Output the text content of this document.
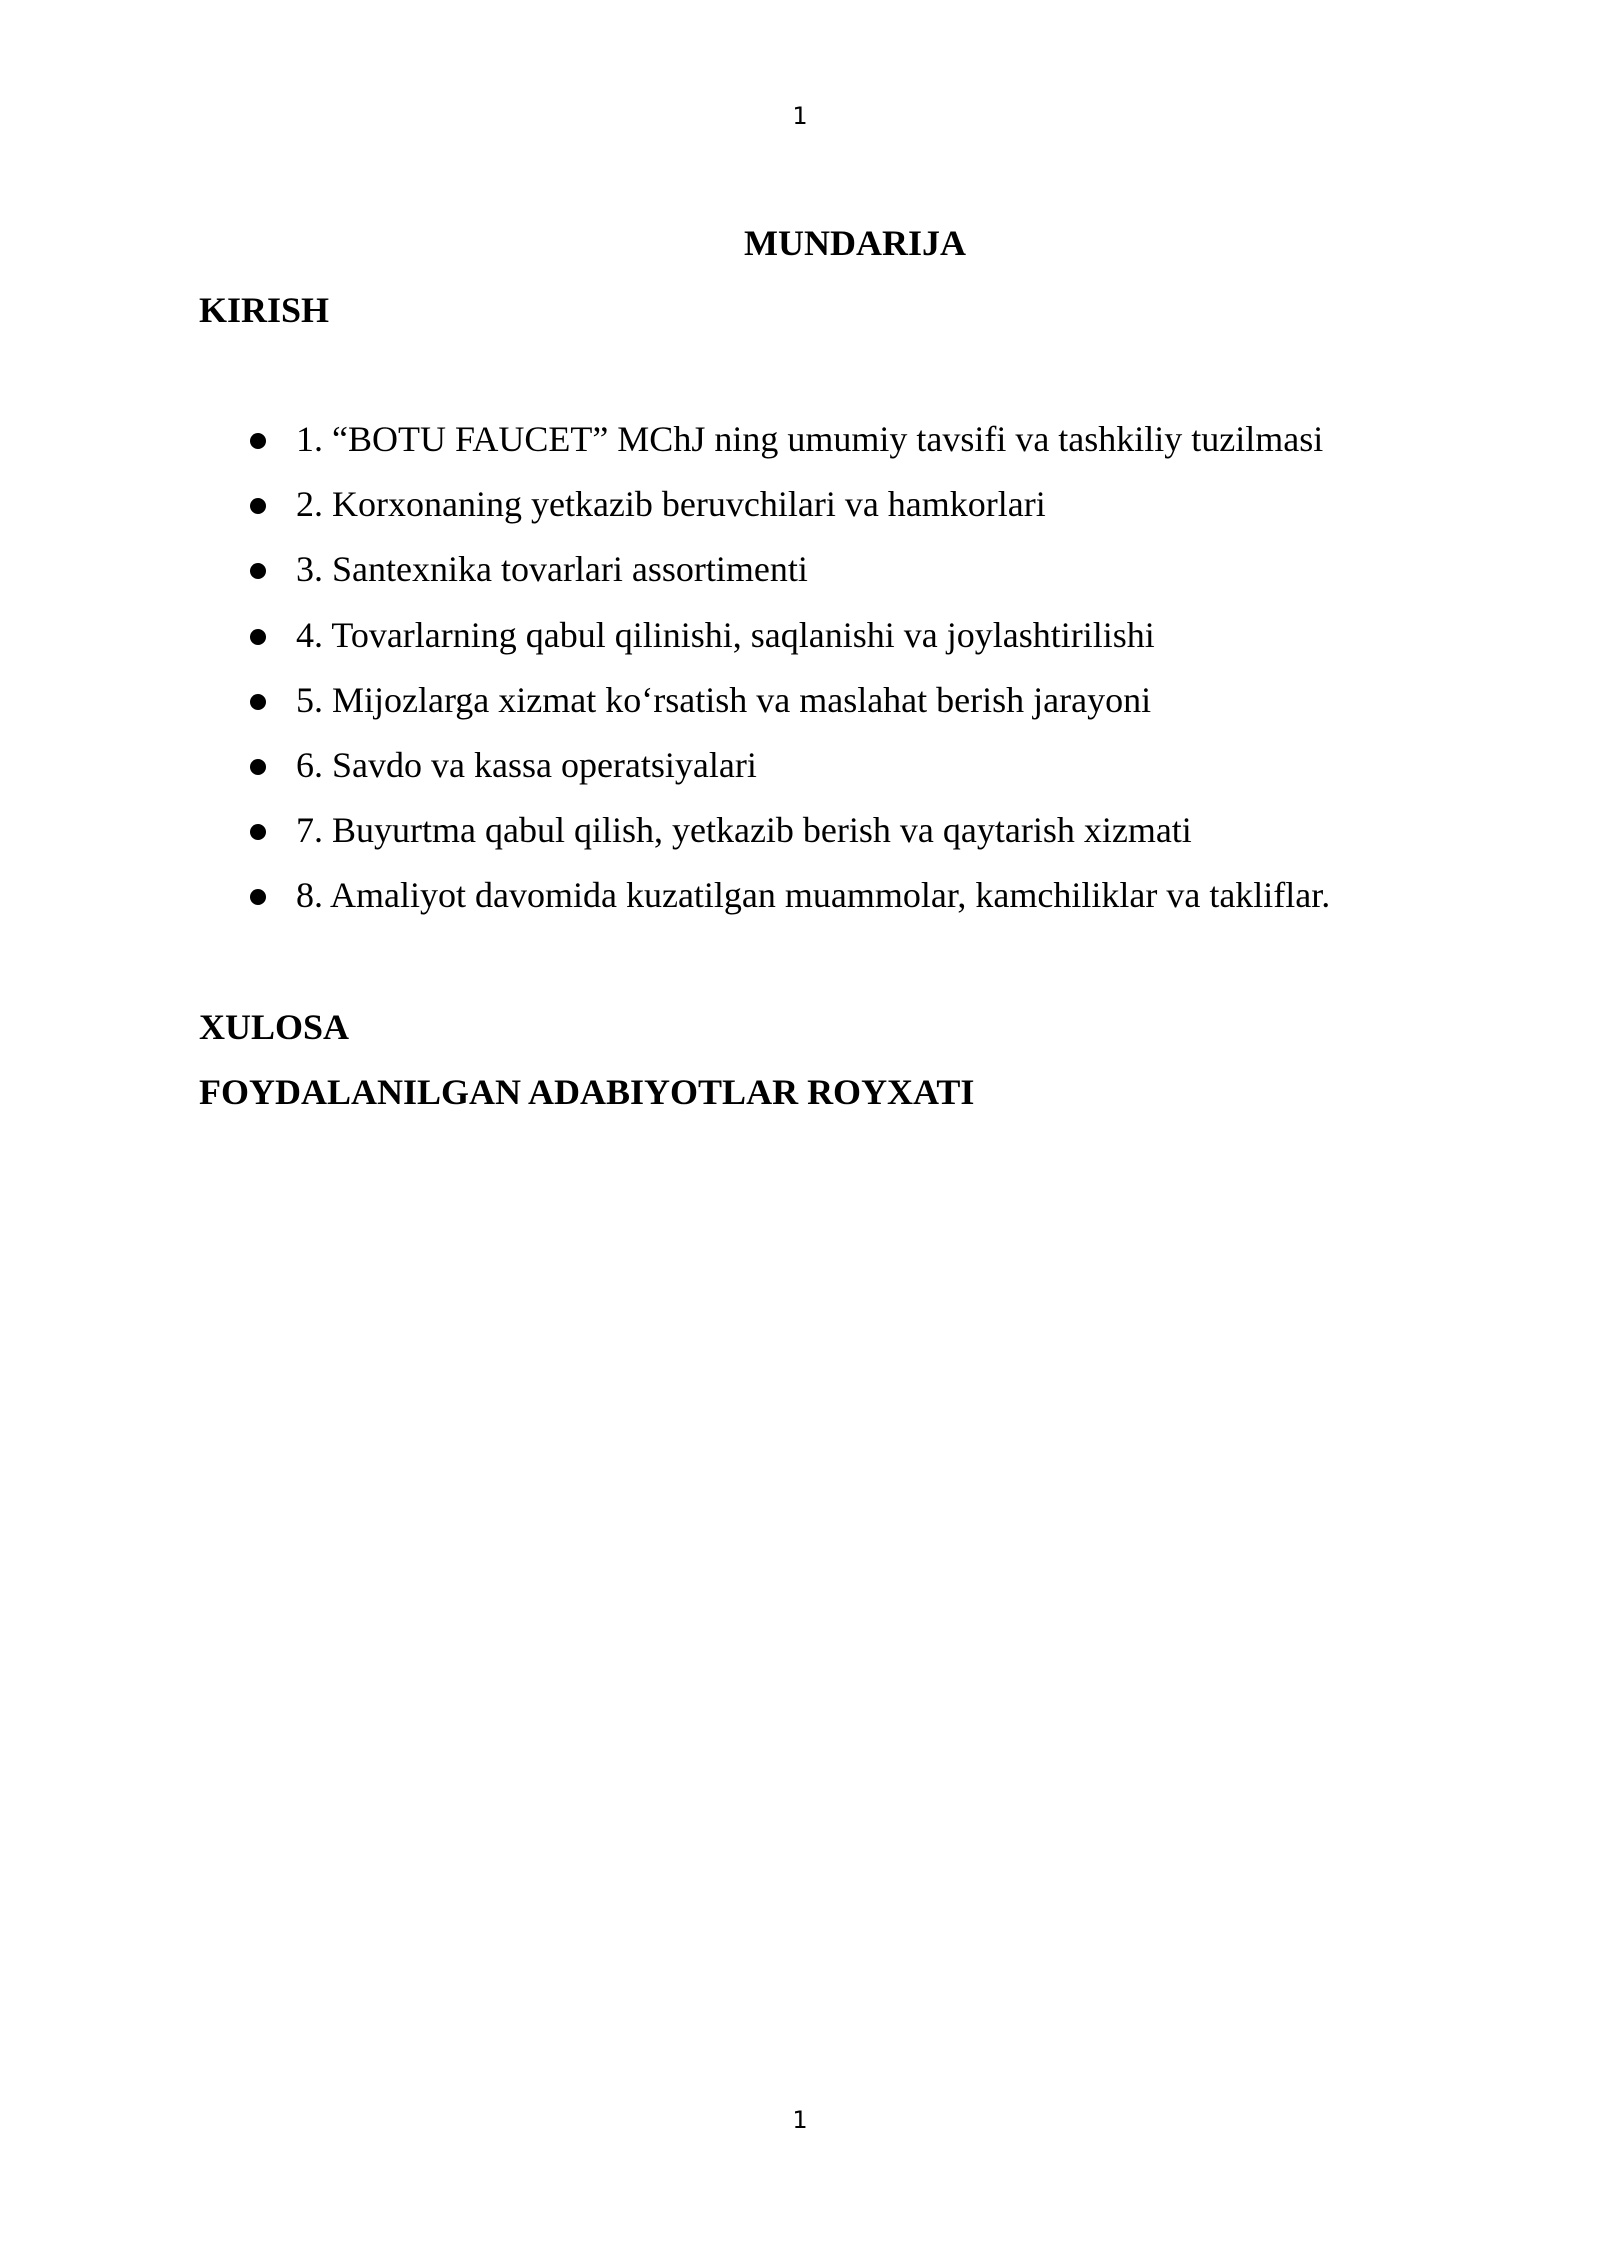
1
MUNDARIJA
KIRISH
1. “BOTU FAUCET” MChJ ning umumiy tavsifi va tashkiliy tuzilmasi
2. Korxonaning yetkazib beruvchilari va hamkorlari
3. Santexnika tovarlari assortimenti
4. Tovarlarning qabul qilinishi, saqlanishi va joylashtirilishi
5. Mijozlarga xizmat ko‘rsatish va maslahat berish jarayoni
6. Savdo va kassa operatsiyalari
7. Buyurtma qabul qilish, yetkazib berish va qaytarish xizmati
8. Amaliyot davomida kuzatilgan muammolar, kamchiliklar va takliflar.
XULOSA
FOYDALANILGAN ADABIYOTLAR ROYXATI
1
